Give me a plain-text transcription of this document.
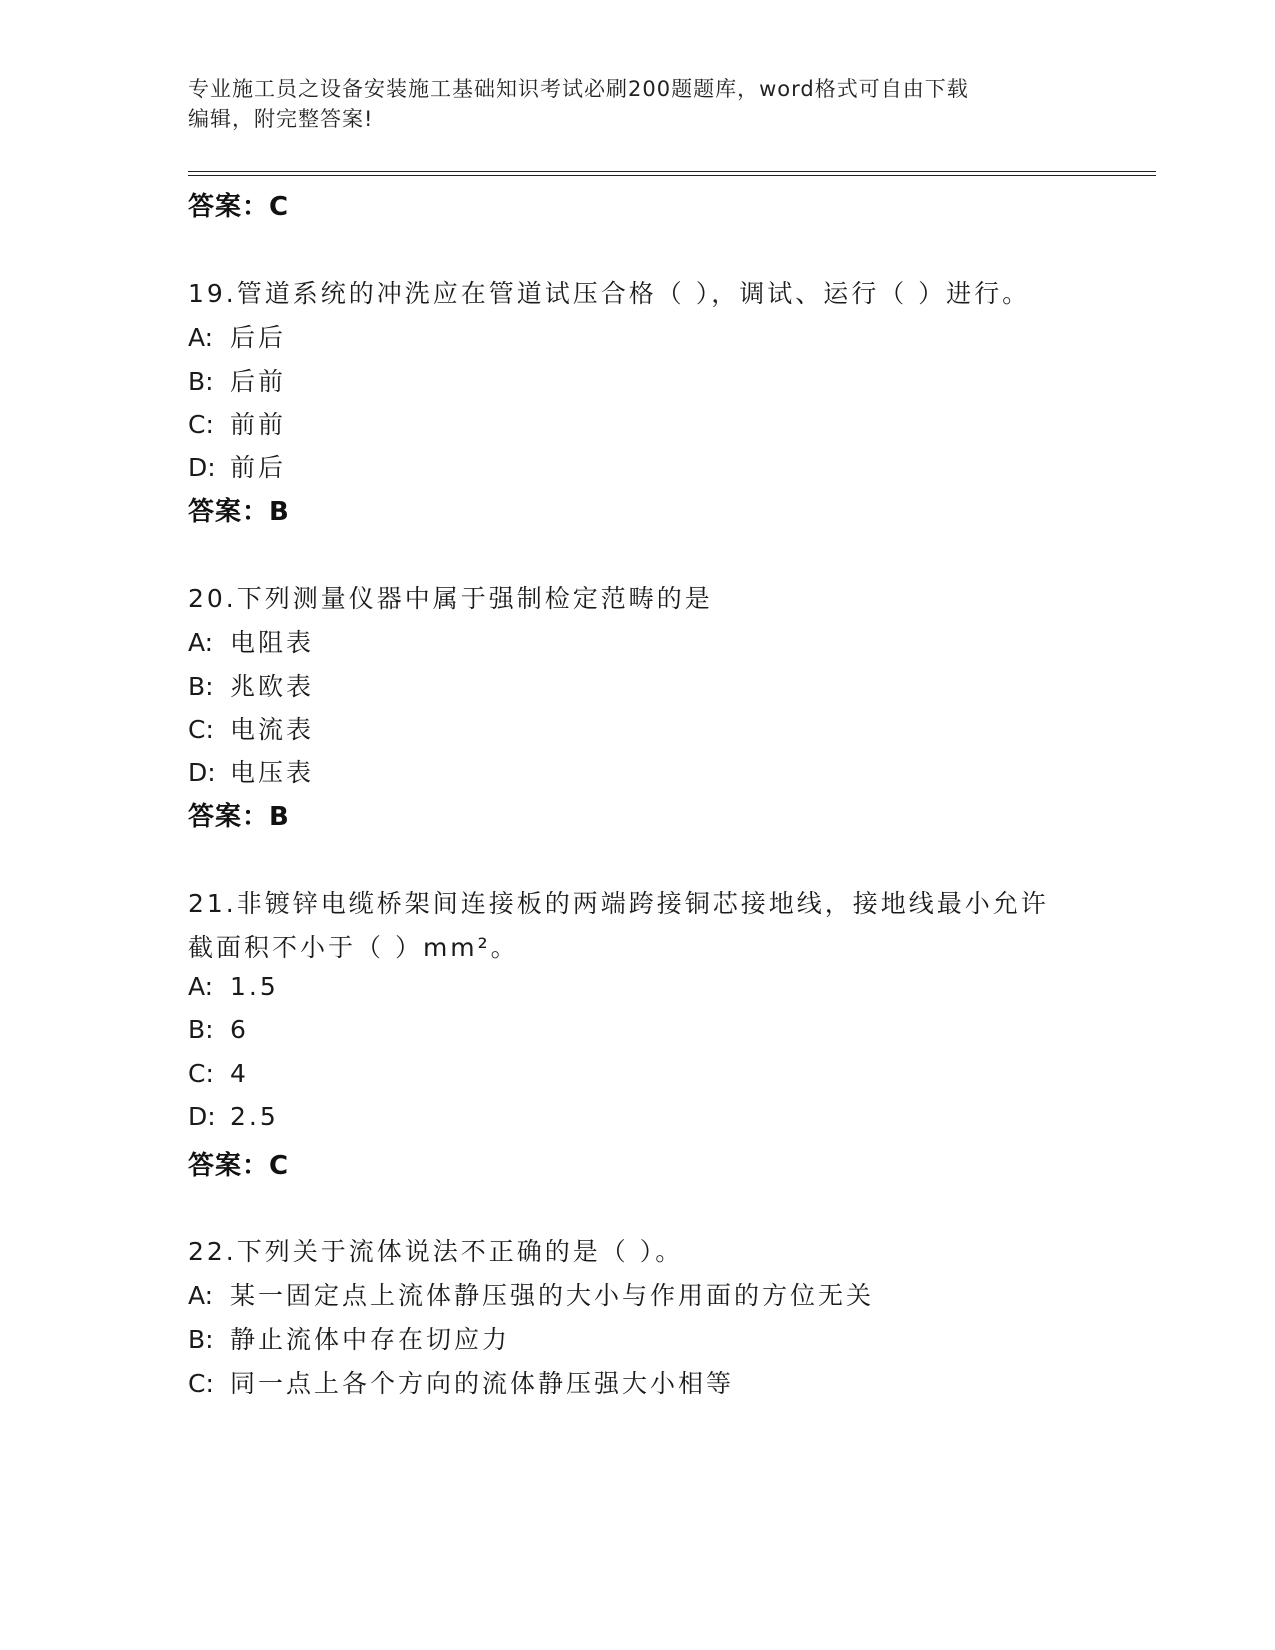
专业施工员之设备安装施工基础知识考试必刷200题题库，word格式可自由下载
编辑，附完整答案!
答案：C
19.管道系统的冲洗应在管道试压合格（ ），调试、运行（ ）进行。
A: 后后
B: 后前
C: 前前
D: 前后
答案：B
20.下列测量仪器中属于强制检定范畴的是
A: 电阻表
B: 兆欧表
C: 电流表
D: 电压表
答案：B
21.非镀锌电缆桥架间连接板的两端跨接铜芯接地线，接地线最小允许
截面积不小于（ ）mm²。
A: 1.5
B: 6
C: 4
D: 2.5
答案：C
22.下列关于流体说法不正确的是（ ）。
A: 某一固定点上流体静压强的大小与作用面的方位无关
B: 静止流体中存在切应力
C: 同一点上各个方向的流体静压强大小相等
